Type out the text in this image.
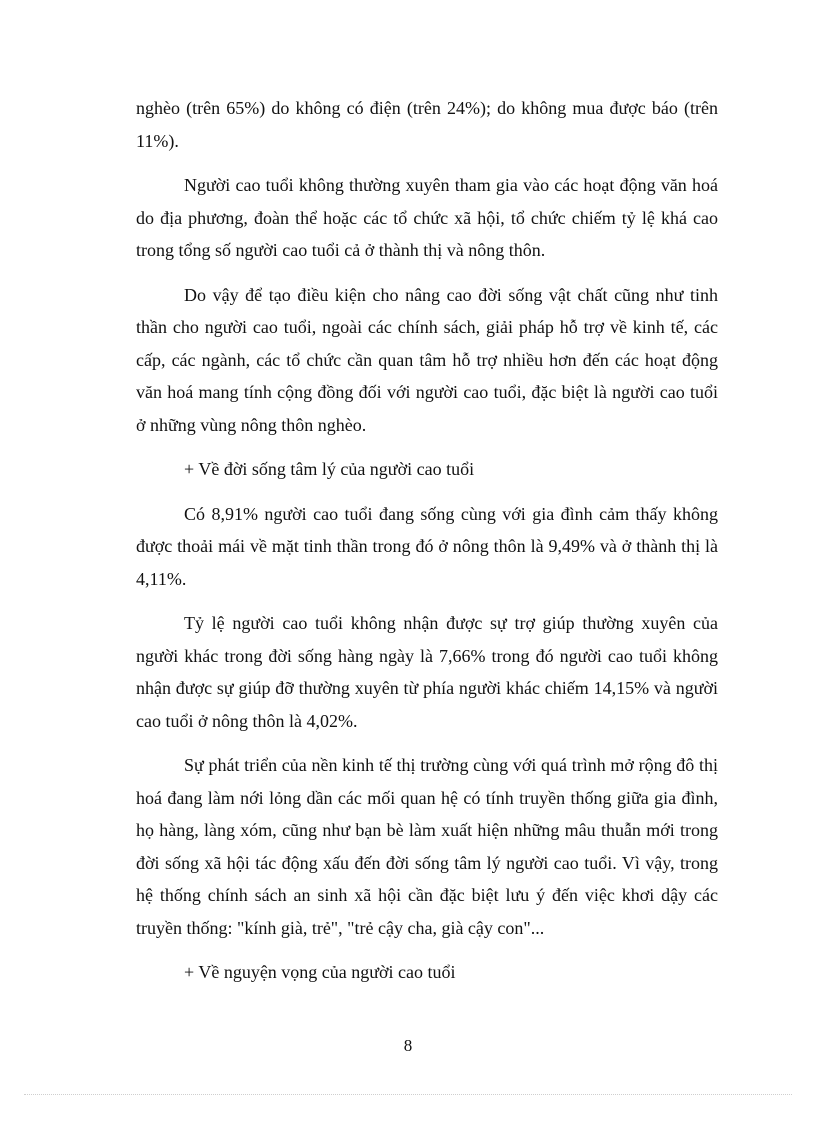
nghèo (trên 65%) do không có điện (trên 24%); do không mua được báo (trên 11%).

Người cao tuổi không thường xuyên tham gia vào các hoạt động văn hoá do địa phương, đoàn thể hoặc các tổ chức xã hội, tổ chức chiếm tỷ lệ khá cao trong tổng số người cao tuổi cả ở thành thị và nông thôn.

Do vậy để tạo điều kiện cho nâng cao đời sống vật chất cũng như tinh thần cho người cao tuổi, ngoài các chính sách, giải pháp hỗ trợ về kinh tế, các cấp, các ngành, các tổ chức cần quan tâm hỗ trợ nhiều hơn đến các hoạt động văn hoá mang tính cộng đồng đối với người cao tuổi, đặc biệt là người cao tuổi ở những vùng nông thôn nghèo.

+ Về đời sống tâm lý của người cao tuổi

Có 8,91% người cao tuổi đang sống cùng với gia đình cảm thấy không được thoải mái về mặt tinh thần trong đó ở nông thôn là 9,49% và ở thành thị là 4,11%.

Tỷ lệ người cao tuổi không nhận được sự trợ giúp thường xuyên của người khác trong đời sống hàng ngày là 7,66% trong đó người cao tuổi không nhận được sự giúp đỡ thường xuyên từ phía người khác chiếm 14,15% và người cao tuổi ở nông thôn là 4,02%.

Sự phát triển của nền kinh tế thị trường cùng với quá trình mở rộng đô thị hoá đang làm nới lỏng dần các mối quan hệ có tính truyền thống giữa gia đình, họ hàng, làng xóm, cũng như bạn bè làm xuất hiện những mâu thuẫn mới trong đời sống xã hội tác động xấu đến đời sống tâm lý người cao tuổi. Vì vậy, trong hệ thống chính sách an sinh xã hội cần đặc biệt lưu ý đến việc khơi dậy các truyền thống: "kính già, trẻ", "trẻ cậy cha, già cậy con"...

+ Về nguyện vọng của người cao tuổi

8
